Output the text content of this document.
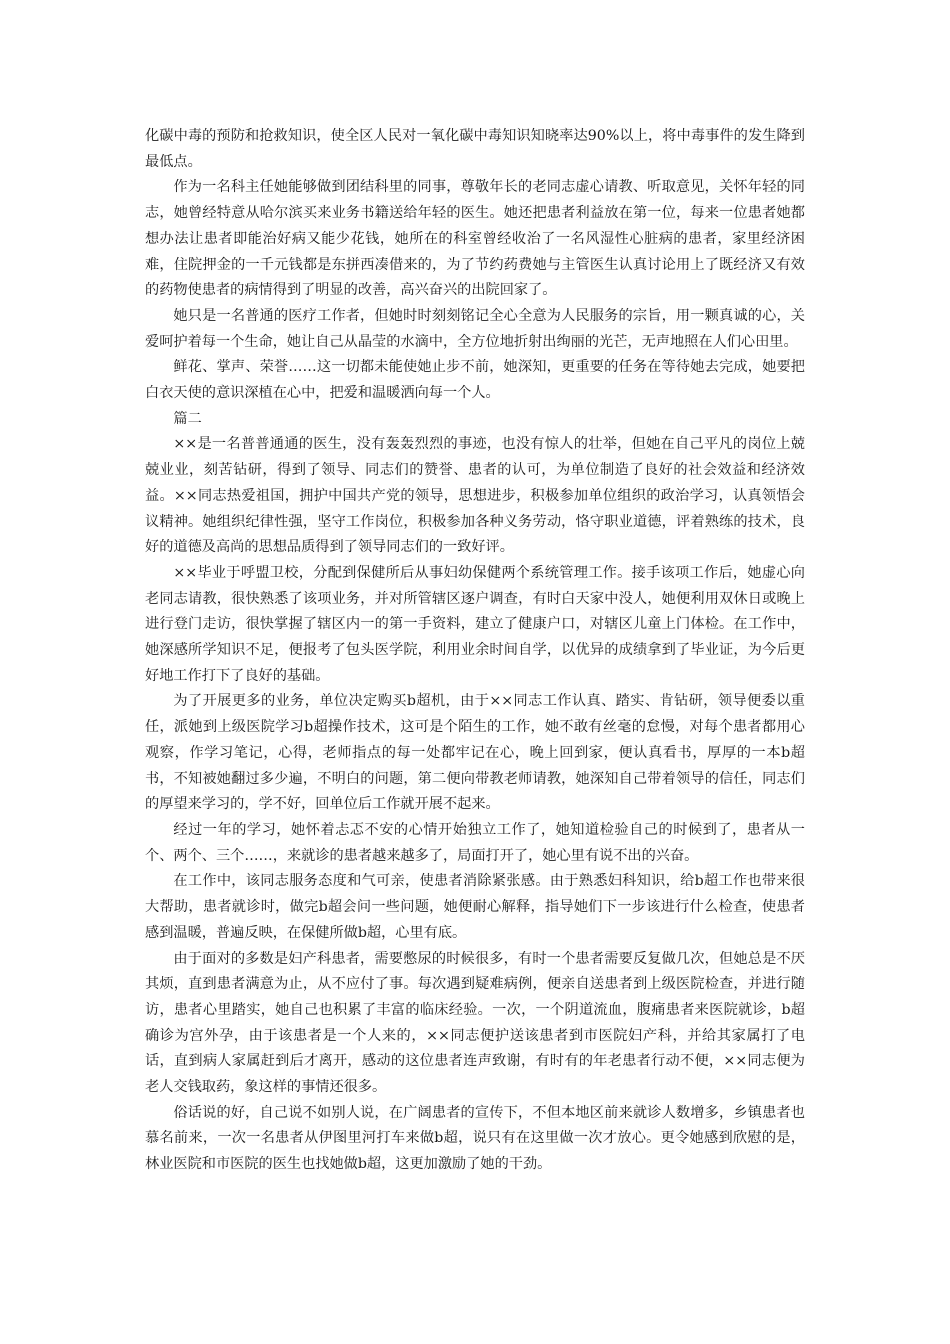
化碳中毒的预防和抢救知识，使全区人民对一氧化碳中毒知识知晓率达90%以上，将中毒事件的发生降到最低点。

作为一名科主任她能够做到团结科里的同事，尊敬年长的老同志虚心请教、听取意见，关怀年轻的同志，她曾经特意从哈尔滨买来业务书籍送给年轻的医生。她还把患者利益放在第一位，每来一位患者她都想办法让患者即能治好病又能少花钱，她所在的科室曾经收治了一名风湿性心脏病的患者，家里经济困难，住院押金的一千元钱都是东拼西凑借来的，为了节约药费她与主管医生认真讨论用上了既经济又有效的药物使患者的病情得到了明显的改善，高兴奋兴的出院回家了。

她只是一名普通的医疗工作者，但她时时刻刻铭记全心全意为人民服务的宗旨，用一颗真诚的心，关爱呵护着每一个生命，她让自己从晶莹的水滴中，全方位地折射出绚丽的光芒，无声地照在人们心田里。

鲜花、掌声、荣誉……这一切都未能使她止步不前，她深知，更重要的任务在等待她去完成，她要把白衣天使的意识深植在心中，把爱和温暖洒向每一个人。

篇二

××是一名普普通通的医生，没有轰轰烈烈的事迹，也没有惊人的壮举，但她在自己平凡的岗位上兢兢业业，刻苦钻研，得到了领导、同志们的赞誉、患者的认可，为单位制造了良好的社会效益和经济效益。××同志热爱祖国，拥护中国共产党的领导，思想进步，积极参加单位组织的政治学习，认真领悟会议精神。她组织纪律性强，坚守工作岗位，积极参加各种义务劳动，恪守职业道德，评着熟练的技术，良好的道德及高尚的思想品质得到了领导同志们的一致好评。

××毕业于呼盟卫校，分配到保健所后从事妇幼保健两个系统管理工作。接手该项工作后，她虚心向老同志请教，很快熟悉了该项业务，并对所管辖区逐户调查，有时白天家中没人，她便利用双休日或晚上进行登门走访，很快掌握了辖区内一的第一手资料，建立了健康户口，对辖区儿童上门体检。在工作中，她深感所学知识不足，便报考了包头医学院，利用业余时间自学，以优异的成绩拿到了毕业证，为今后更好地工作打下了良好的基础。

为了开展更多的业务，单位决定购买b超机，由于××同志工作认真、踏实、肯钻研，领导便委以重任，派她到上级医院学习b超操作技术，这可是个陌生的工作，她不敢有丝毫的怠慢，对每个患者都用心观察，作学习笔记，心得，老师指点的每一处都牢记在心，晚上回到家，便认真看书，厚厚的一本b超书，不知被她翻过多少遍，不明白的问题，第二便向带教老师请教，她深知自己带着领导的信任，同志们的厚望来学习的，学不好，回单位后工作就开展不起来。

经过一年的学习，她怀着忐忑不安的心情开始独立工作了，她知道检验自己的时候到了，患者从一个、两个、三个……，来就诊的患者越来越多了，局面打开了，她心里有说不出的兴奋。

在工作中，该同志服务态度和气可亲，使患者消除紧张感。由于熟悉妇科知识，给b超工作也带来很大帮助，患者就诊时，做完b超会问一些问题，她便耐心解释，指导她们下一步该进行什么检查，使患者感到温暖，普遍反映，在保健所做b超，心里有底。

由于面对的多数是妇产科患者，需要憋尿的时候很多，有时一个患者需要反复做几次，但她总是不厌其烦，直到患者满意为止，从不应付了事。每次遇到疑难病例，便亲自送患者到上级医院检查，并进行随访，患者心里踏实，她自己也积累了丰富的临床经验。一次，一个阴道流血，腹痛患者来医院就诊，b超确诊为宫外孕，由于该患者是一个人来的，××同志便护送该患者到市医院妇产科，并给其家属打了电话，直到病人家属赶到后才离开，感动的这位患者连声致谢，有时有的年老患者行动不便，××同志便为老人交钱取药，象这样的事情还很多。

俗话说的好，自己说不如别人说，在广阔患者的宣传下，不但本地区前来就诊人数增多，乡镇患者也慕名前来，一次一名患者从伊图里河打车来做b超，说只有在这里做一次才放心。更令她感到欣慰的是，林业医院和市医院的医生也找她做b超，这更加激励了她的干劲。
